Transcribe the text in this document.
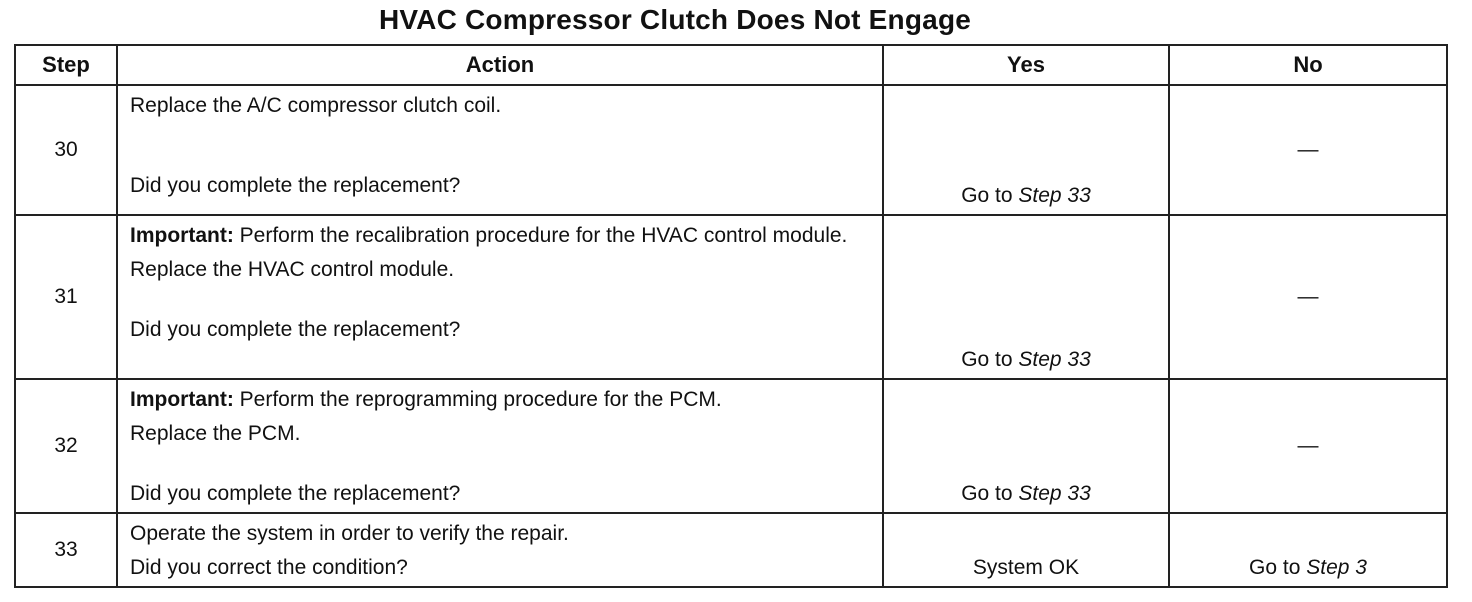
HVAC Compressor Clutch Does Not Engage
Step	Action	Yes	No
30	Replace the A/C compressor clutch coil.
Did you complete the replacement?	Go to Step 33	—
31	Important: Perform the recalibration procedure for the HVAC control module.
Replace the HVAC control module.
Did you complete the replacement?	Go to Step 33	—
32	Important: Perform the reprogramming procedure for the PCM.
Replace the PCM.
Did you complete the replacement?	Go to Step 33	—
33	Operate the system in order to verify the repair.
Did you correct the condition?	System OK	Go to Step 3
